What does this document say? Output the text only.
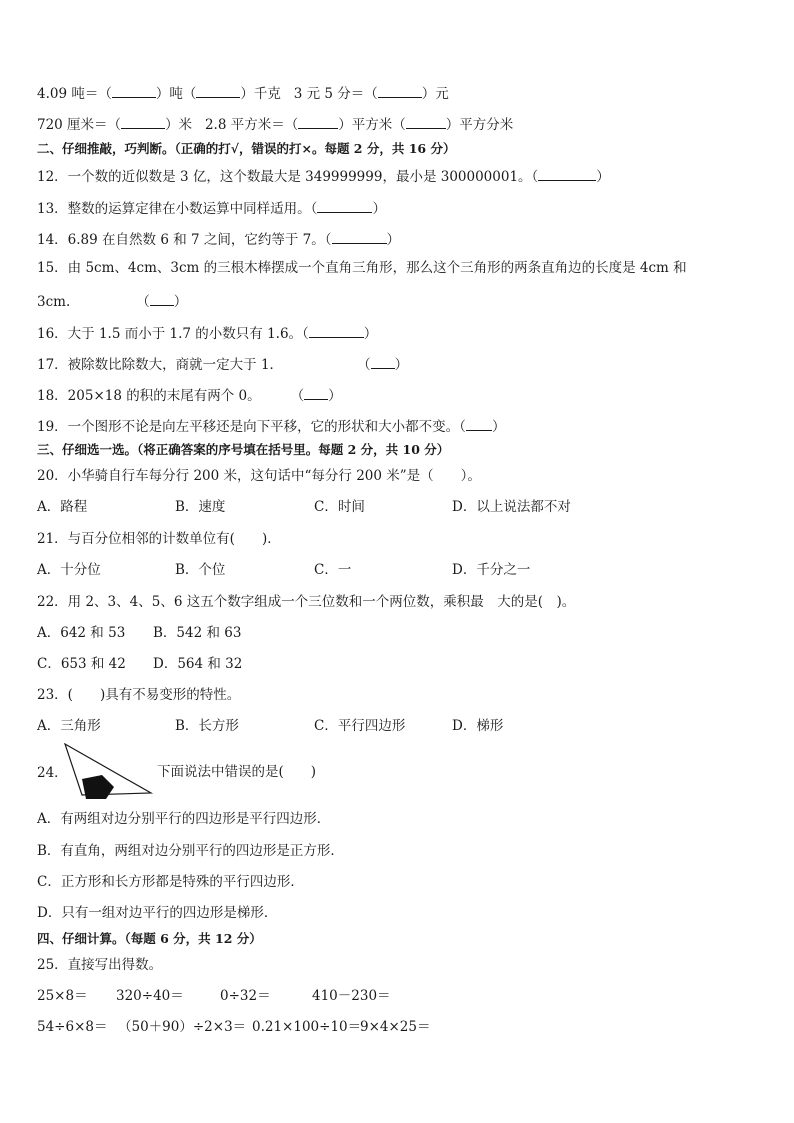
4.09 吨＝（	）吨（	）千克 3 元 5 分＝（	）元
720 厘米＝（	）米 2.8 平方米＝（	）平方米（	）平方分米
二、仔细推敲，巧判断。（正确的打√，错误的打×。每题 2 分，共 16 分）
12．一个数的近似数是 3 亿，这个数最大是 349999999，最小是 300000001。（	）
13．整数的运算定律在小数运算中同样适用。（	）
14．6.89 在自然数 6 和 7 之间，它约等于 7。（	）
15．由 5cm、4cm、3cm 的三根木棒摆成一个直角三角形，那么这个三角形的两条直角边的长度是 4cm 和
3cm.	（ ）
16．大于 1.5 而小于 1.7 的小数只有 1.6。（	）
17．被除数比除数大，商就一定大于 1．	（ ）
18．205×18 的积的末尾有两个 0。 （ ）
19．一个图形不论是向左平移还是向下平移，它的形状和大小都不变。（ ）
三、仔细选一选。（将正确答案的序号填在括号里。每题 2 分，共 10 分）
20．小华骑自行车每分行 200 米，这句话中“每分行 200 米”是（　　）。
A．路程	B．速度	C．时间	D．以上说法都不对
21．与百分位相邻的计数单位有(　　)．
A．十分位	B．个位	C．一	D．千分之一
22．用 2、3、4、5、6 这五个数字组成一个三位数和一个两位数，乘积最　大的是(　)。
A．642 和 53 B．542 和 63
C．653 和 42 D．564 和 32
23．(　　)具有不易变形的特性。
A．三角形	B．长方形	C．平行四边形	D．梯形
24．	下面说法中错误的是(　　)
A．有两组对边分别平行的四边形是平行四边形．
B．有直角，两组对边分别平行的四边形是正方形．
C．正方形和长方形都是特殊的平行四边形．
D．只有一组对边平行的四边形是梯形．
四、仔细计算。（每题 6 分，共 12 分）
25．直接写出得数。
25×8＝ 320÷40＝	0÷32＝	410－230＝
54÷6×8＝ （50＋90）÷2×3＝ 0.21×100÷10＝
9×4×25＝
